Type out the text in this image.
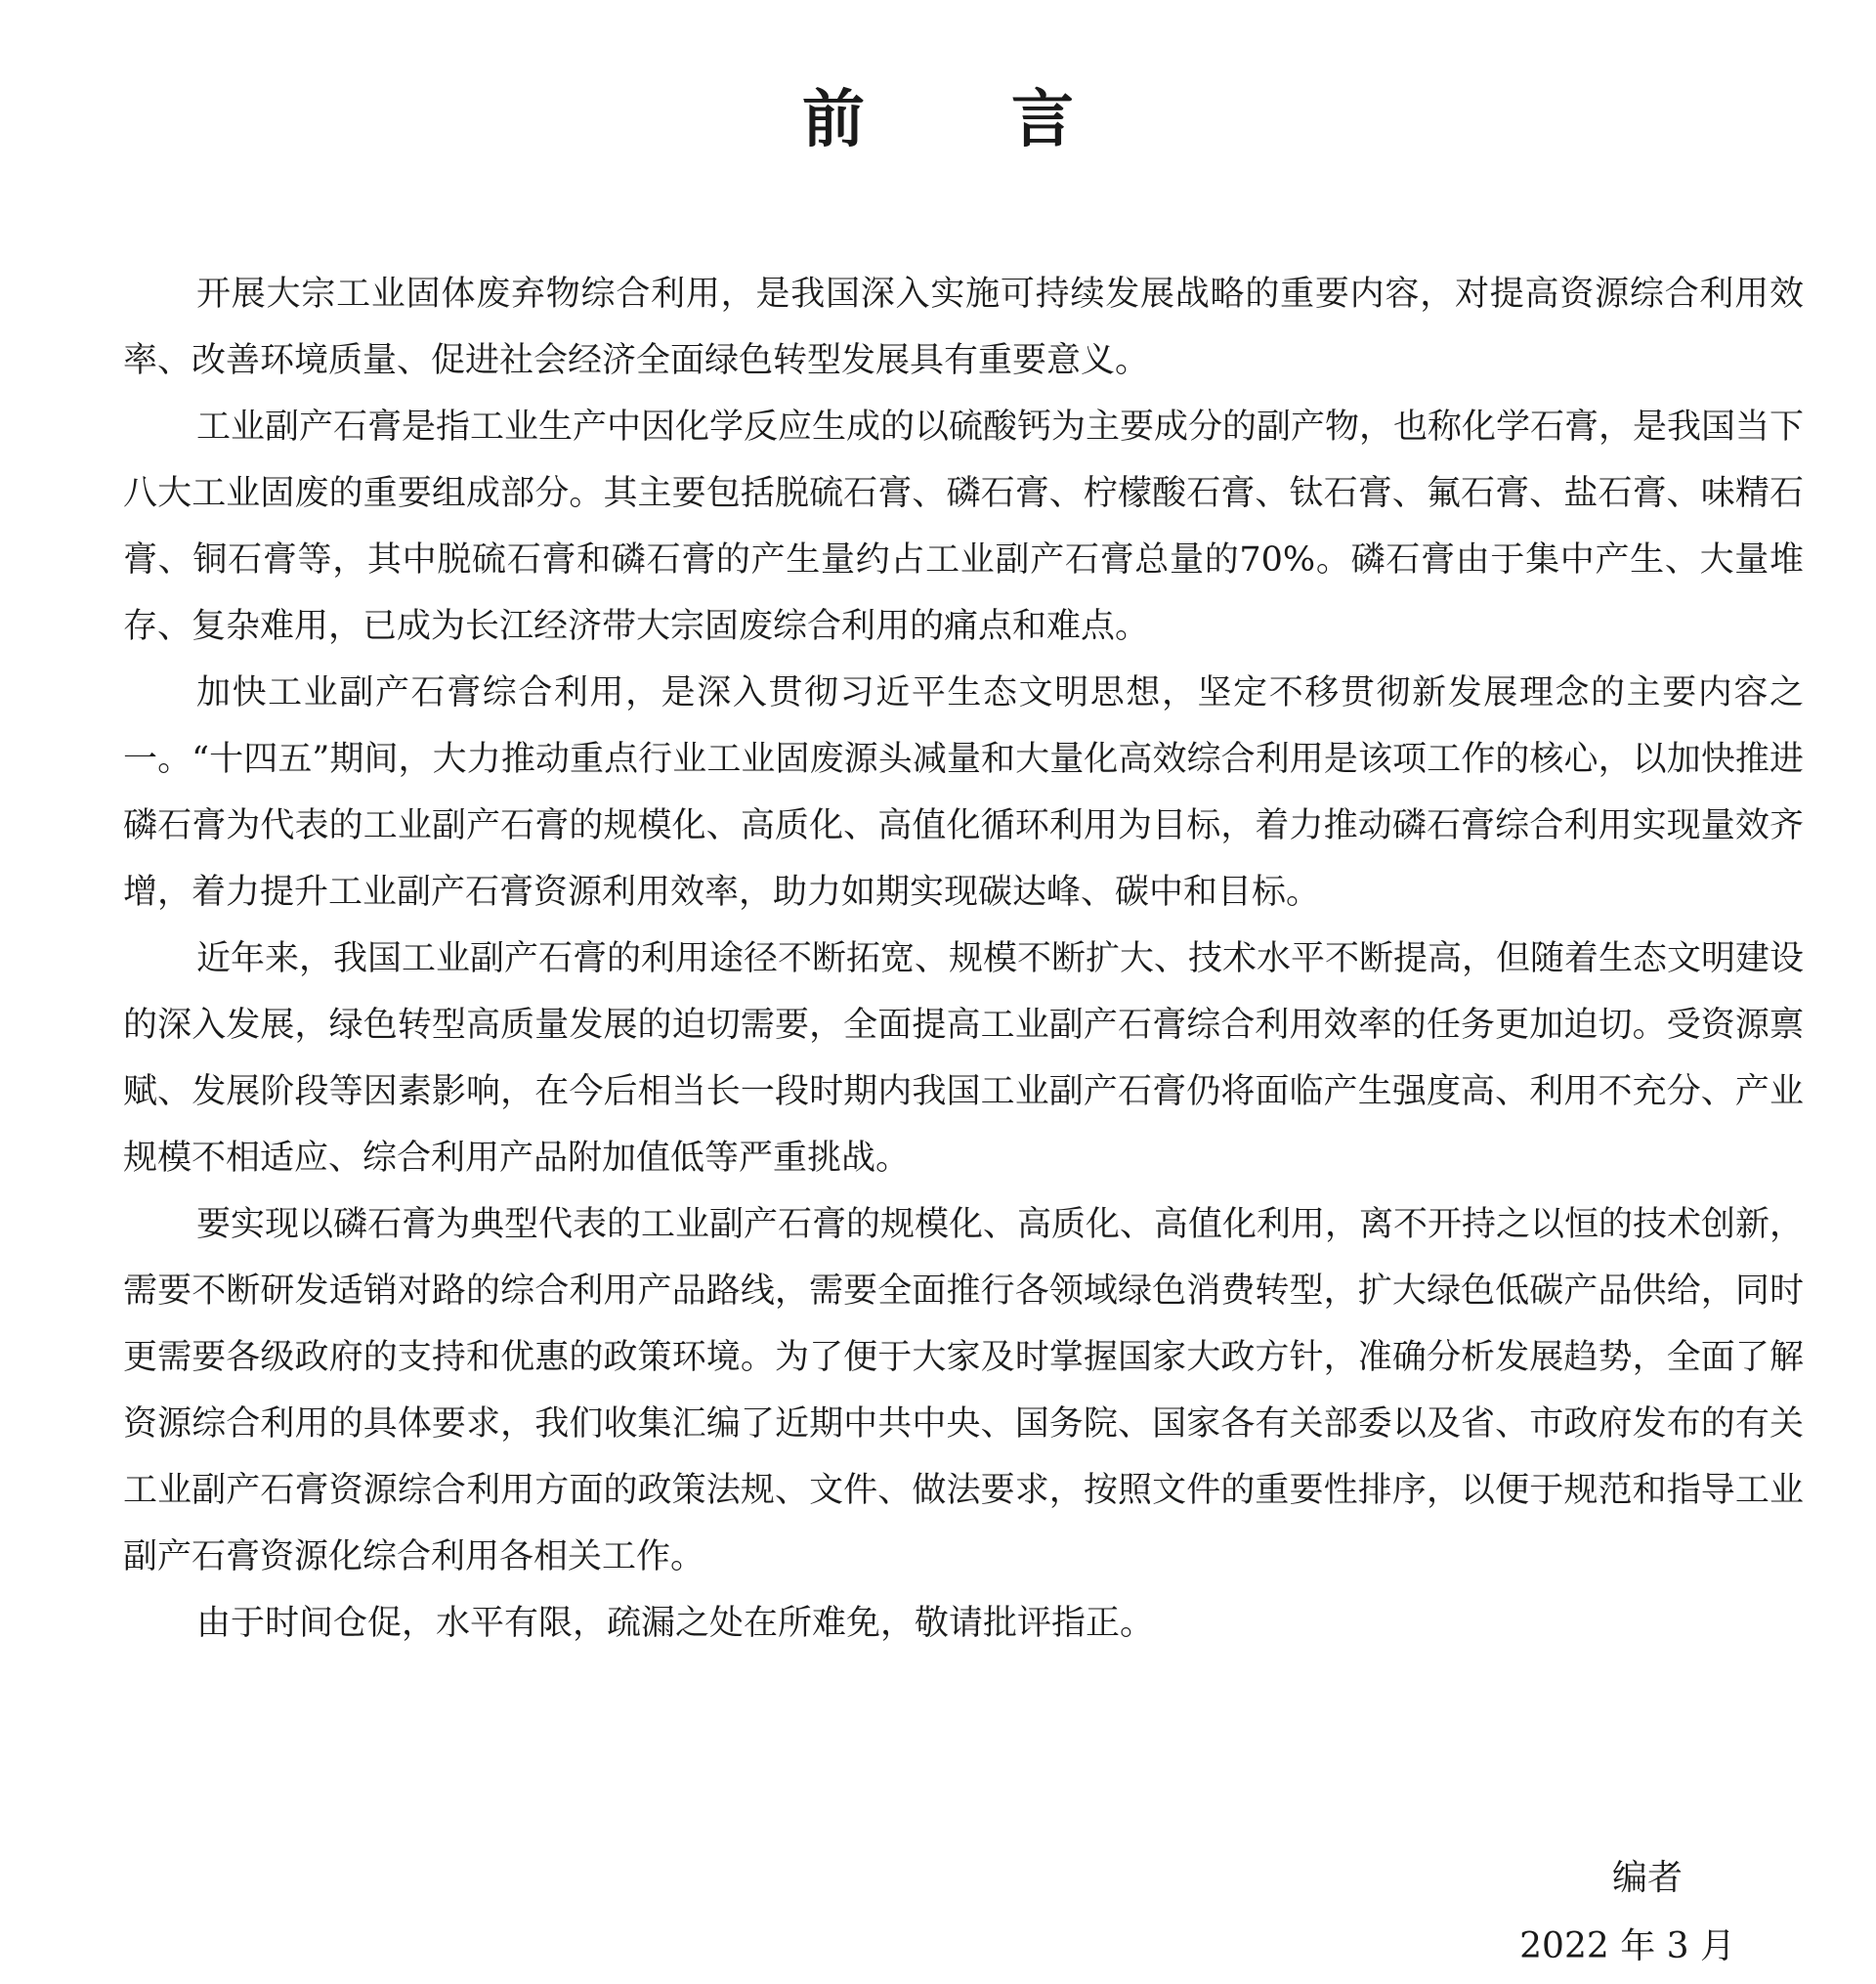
前 言

开展大宗工业固体废弃物综合利用，是我国深入实施可持续发展战略的重要内容，对提高资源综合利用效率、改善环境质量、促进社会经济全面绿色转型发展具有重要意义。

工业副产石膏是指工业生产中因化学反应生成的以硫酸钙为主要成分的副产物，也称化学石膏，是我国当下八大工业固废的重要组成部分。其主要包括脱硫石膏、磷石膏、柠檬酸石膏、钛石膏、氟石膏、盐石膏、味精石膏、铜石膏等，其中脱硫石膏和磷石膏的产生量约占工业副产石膏总量的70%。磷石膏由于集中产生、大量堆存、复杂难用，已成为长江经济带大宗固废综合利用的痛点和难点。

加快工业副产石膏综合利用，是深入贯彻习近平生态文明思想，坚定不移贯彻新发展理念的主要内容之一。“十四五”期间，大力推动重点行业工业固废源头减量和大量化高效综合利用是该项工作的核心，以加快推进磷石膏为代表的工业副产石膏的规模化、高质化、高值化循环利用为目标，着力推动磷石膏综合利用实现量效齐增，着力提升工业副产石膏资源利用效率，助力如期实现碳达峰、碳中和目标。

近年来，我国工业副产石膏的利用途径不断拓宽、规模不断扩大、技术水平不断提高，但随着生态文明建设的深入发展，绿色转型高质量发展的迫切需要，全面提高工业副产石膏综合利用效率的任务更加迫切。受资源禀赋、发展阶段等因素影响，在今后相当长一段时期内我国工业副产石膏仍将面临产生强度高、利用不充分、产业规模不相适应、综合利用产品附加值低等严重挑战。

要实现以磷石膏为典型代表的工业副产石膏的规模化、高质化、高值化利用，离不开持之以恒的技术创新，需要不断研发适销对路的综合利用产品路线，需要全面推行各领域绿色消费转型，扩大绿色低碳产品供给，同时更需要各级政府的支持和优惠的政策环境。为了便于大家及时掌握国家大政方针，准确分析发展趋势，全面了解资源综合利用的具体要求，我们收集汇编了近期中共中央、国务院、国家各有关部委以及省、市政府发布的有关工业副产石膏资源综合利用方面的政策法规、文件、做法要求，按照文件的重要性排序，以便于规范和指导工业副产石膏资源化综合利用各相关工作。

由于时间仓促，水平有限，疏漏之处在所难免，敬请批评指正。

编者
2022 年 3 月
